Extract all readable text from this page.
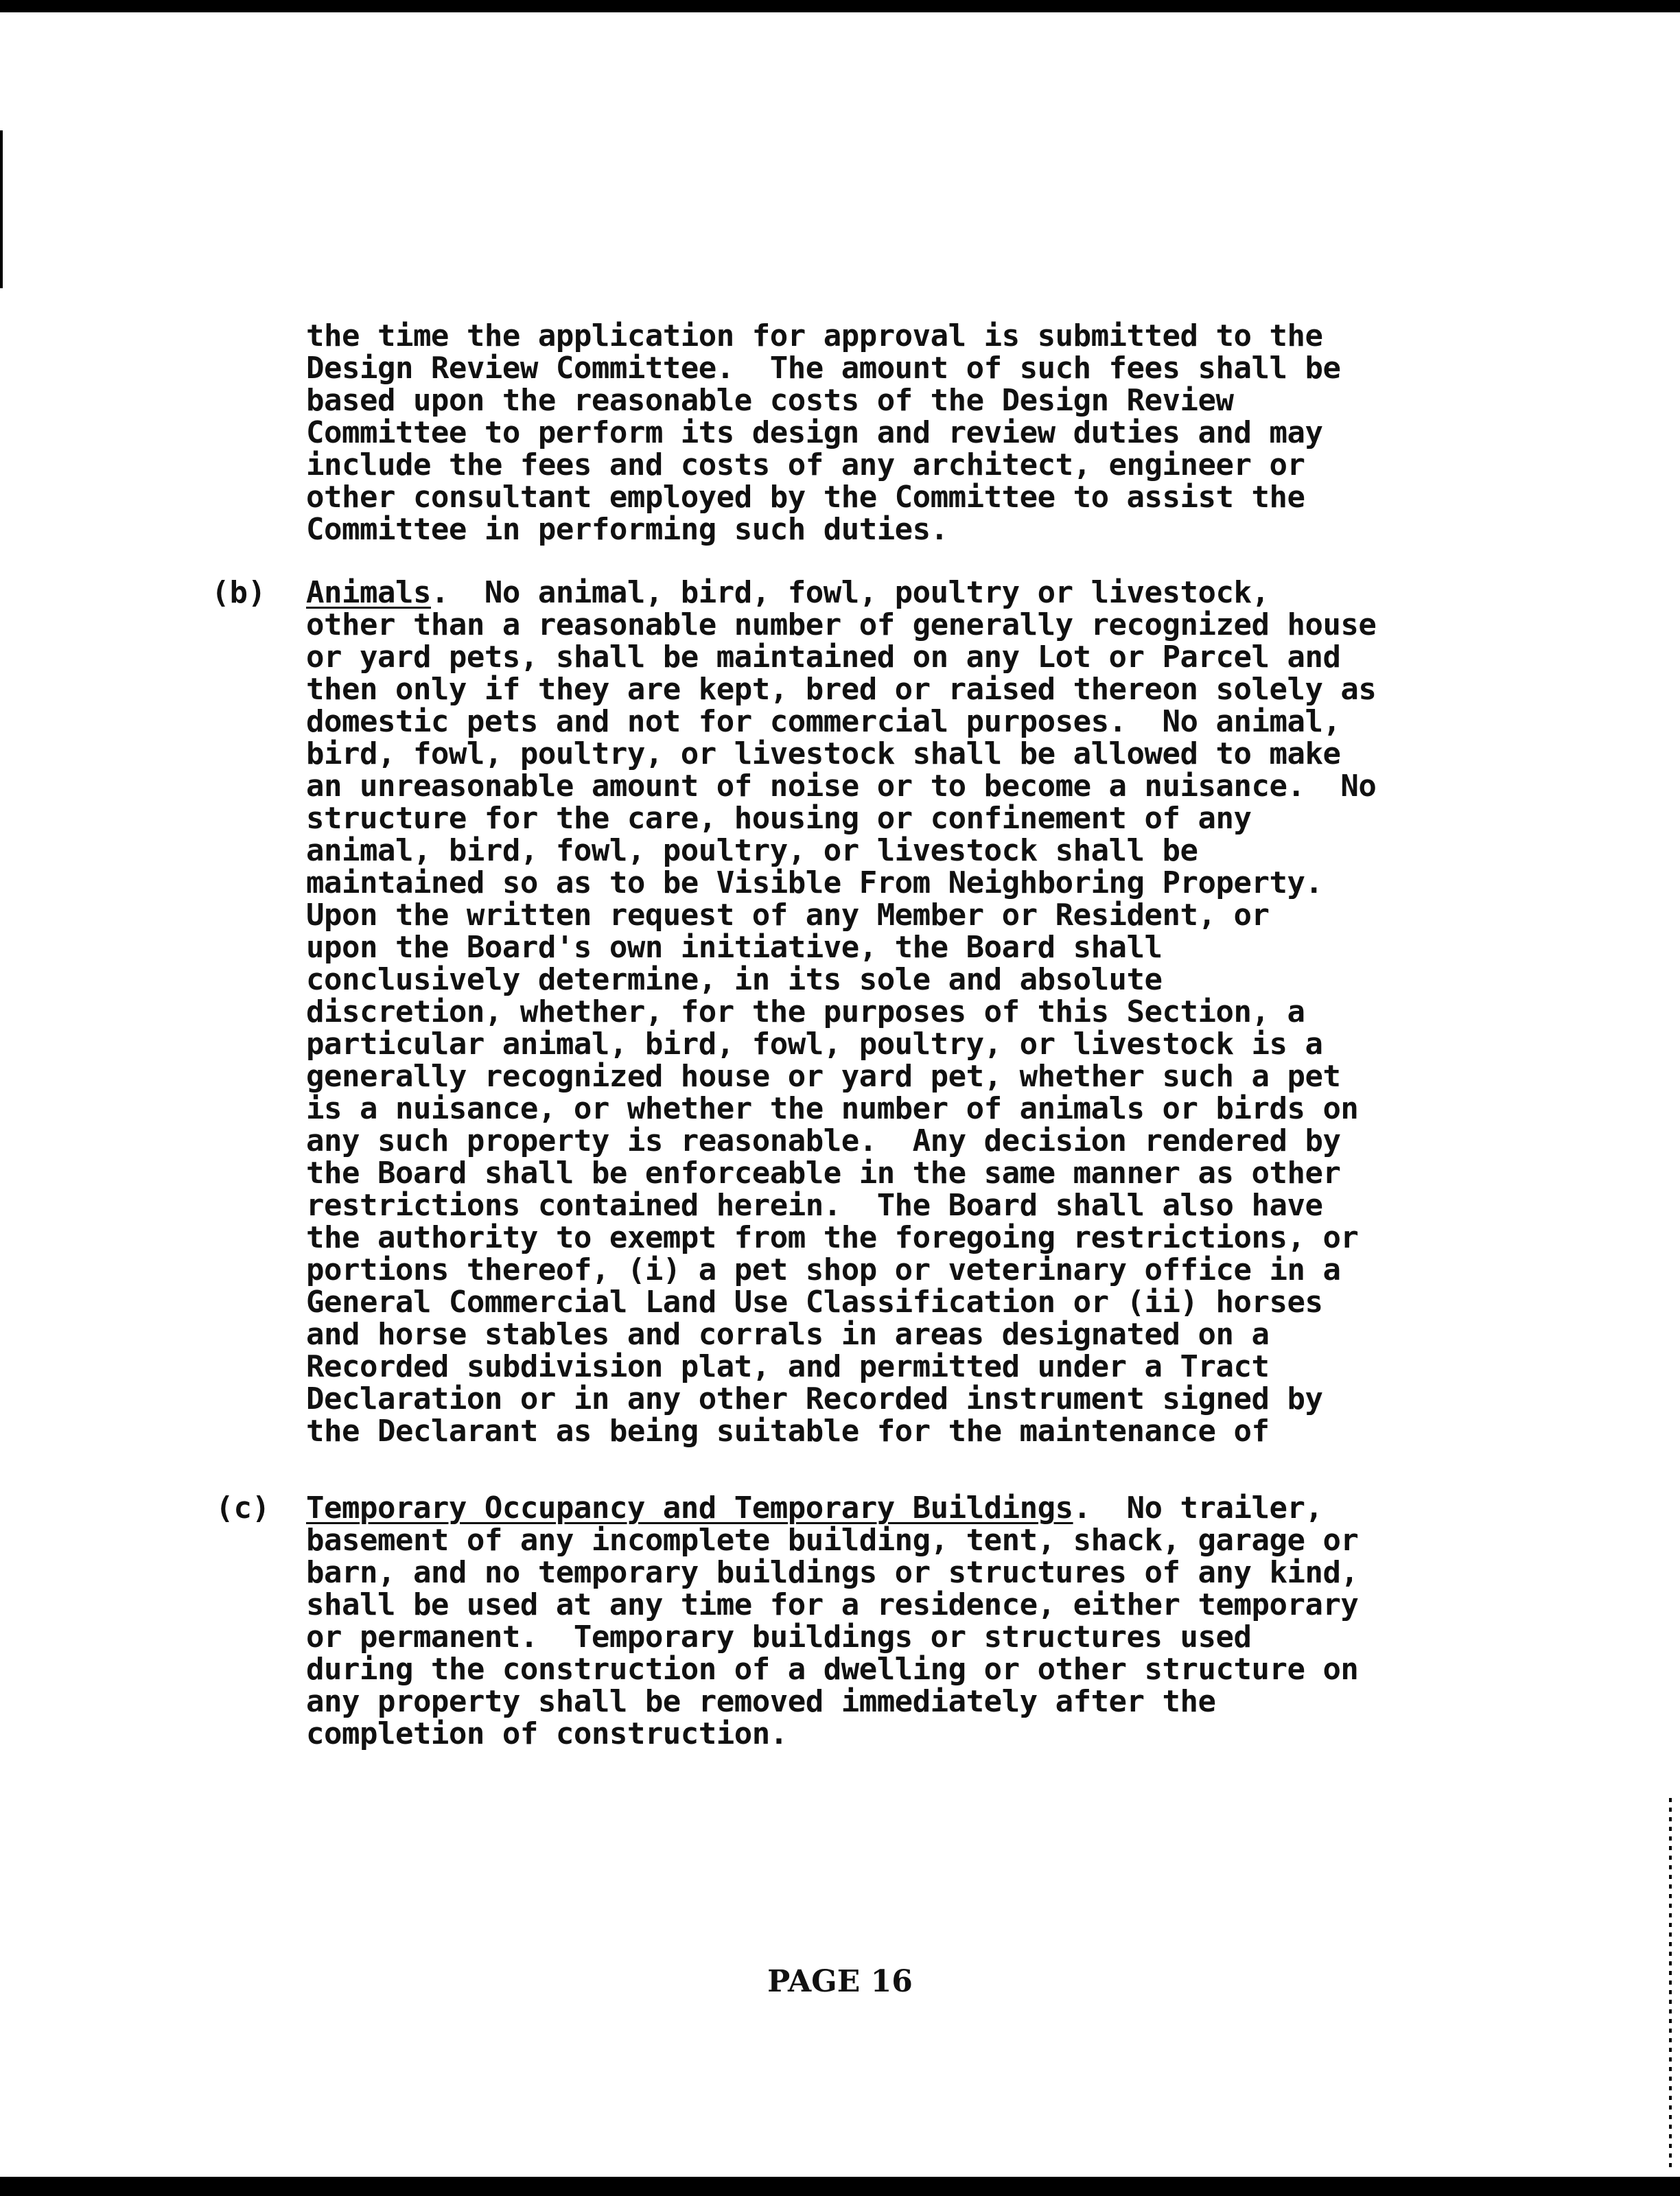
the time the application for approval is submitted to the
Design Review Committee.  The amount of such fees shall be
based upon the reasonable costs of the Design Review
Committee to perform its design and review duties and may
include the fees and costs of any architect, engineer or
other consultant employed by the Committee to assist the
Committee in performing such duties.
(b) Animals.  No animal, bird, fowl, poultry or livestock,
other than a reasonable number of generally recognized house
or yard pets, shall be maintained on any Lot or Parcel and
then only if they are kept, bred or raised thereon solely as
domestic pets and not for commercial purposes.  No animal,
bird, fowl, poultry, or livestock shall be allowed to make
an unreasonable amount of noise or to become a nuisance.  No
structure for the care, housing or confinement of any
animal, bird, fowl, poultry, or livestock shall be
maintained so as to be Visible From Neighboring Property.
Upon the written request of any Member or Resident, or
upon the Board's own initiative, the Board shall
conclusively determine, in its sole and absolute
discretion, whether, for the purposes of this Section, a
particular animal, bird, fowl, poultry, or livestock is a
generally recognized house or yard pet, whether such a pet
is a nuisance, or whether the number of animals or birds on
any such property is reasonable.  Any decision rendered by
the Board shall be enforceable in the same manner as other
restrictions contained herein.  The Board shall also have
the authority to exempt from the foregoing restrictions, or
portions thereof, (i) a pet shop or veterinary office in a
General Commercial Land Use Classification or (ii) horses
and horse stables and corrals in areas designated on a
Recorded subdivision plat, and permitted under a Tract
Declaration or in any other Recorded instrument signed by
the Declarant as being suitable for the maintenance of
(c) Temporary Occupancy and Temporary Buildings.  No trailer,
basement of any incomplete building, tent, shack, garage or
barn, and no temporary buildings or structures of any kind,
shall be used at any time for a residence, either temporary
or permanent.  Temporary buildings or structures used
during the construction of a dwelling or other structure on
any property shall be removed immediately after the
completion of construction.
PAGE 16
